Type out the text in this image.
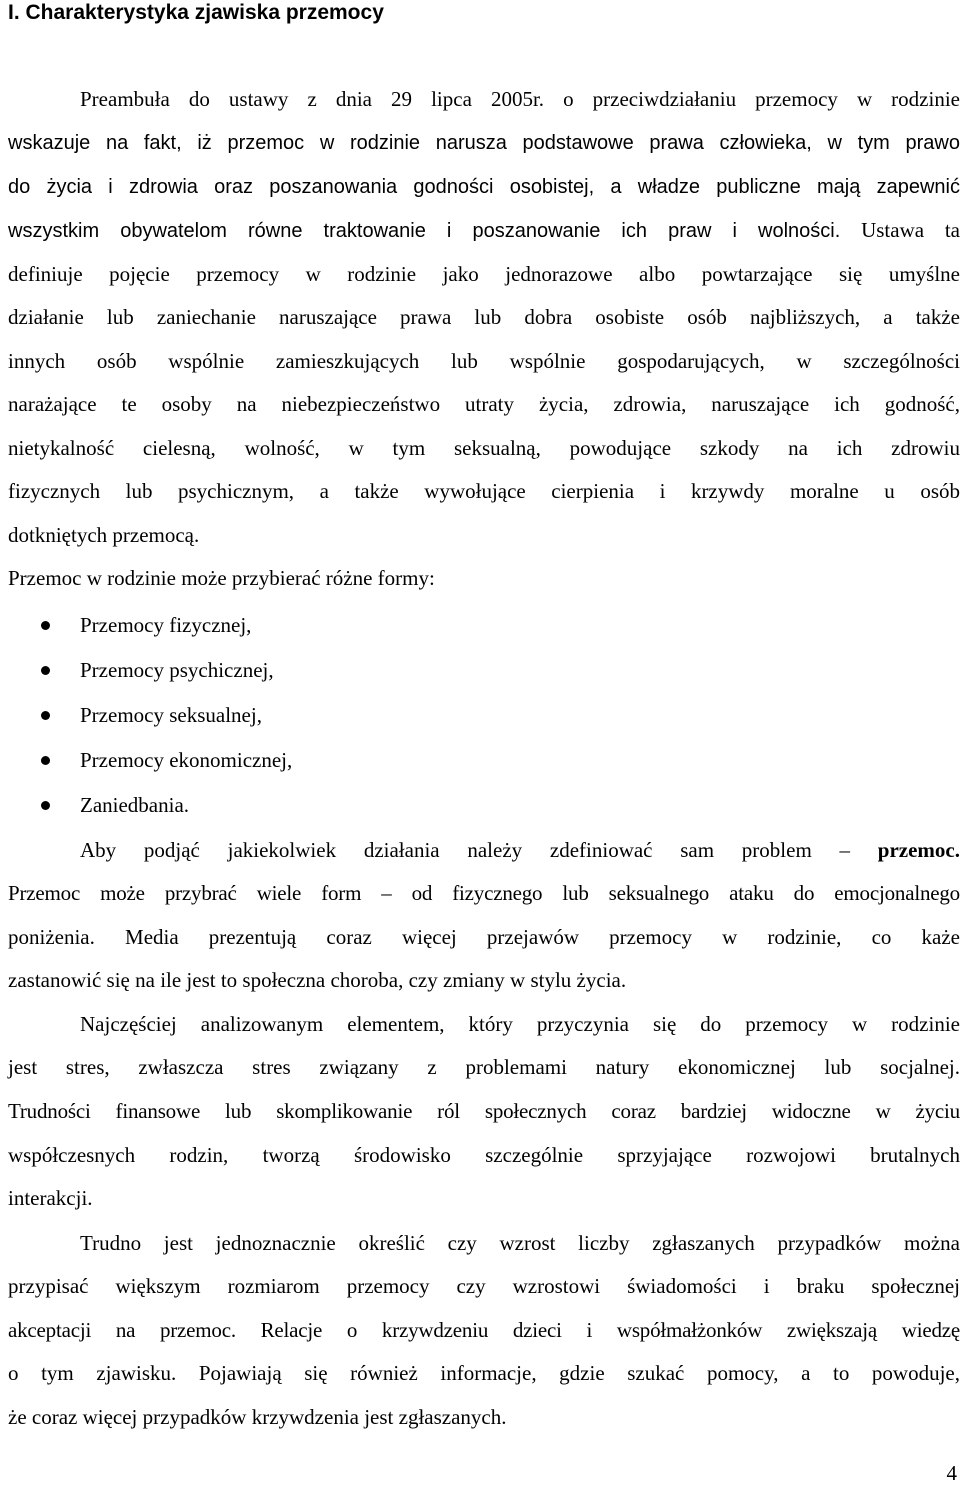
I. Charakterystyka zjawiska przemocy

Preambuła do ustawy z dnia 29 lipca 2005r. o przeciwdziałaniu przemocy w rodzinie

wskazuje na fakt, iż przemoc w rodzinie narusza podstawowe prawa człowieka, w tym prawo

do życia i zdrowia oraz poszanowania godności osobistej, a władze publiczne mają zapewnić

wszystkim obywatelom równe traktowanie i poszanowanie ich praw i wolności. Ustawa ta

definiuje pojęcie przemocy w rodzinie jako jednorazowe albo powtarzające się umyślne

działanie lub zaniechanie naruszające prawa lub dobra osobiste osób najbliższych, a także

innych osób wspólnie zamieszkujących lub wspólnie gospodarujących, w szczególności

narażające te osoby na niebezpieczeństwo utraty życia, zdrowia, naruszające ich godność,

nietykalność cielesną, wolność, w tym seksualną, powodujące szkody na ich zdrowiu

fizycznych lub psychicznym, a także wywołujące cierpienia i krzywdy moralne u osób

dotkniętych przemocą.

Przemoc w rodzinie może przybierać różne formy:

Przemocy fizycznej,
Przemocy psychicznej,
Przemocy seksualnej,
Przemocy ekonomicznej,
Zaniedbania.

Aby podjąć jakiekolwiek działania należy zdefiniować sam problem – przemoc.

Przemoc może przybrać wiele form – od fizycznego lub seksualnego ataku do emocjonalnego

poniżenia. Media prezentują coraz więcej przejawów przemocy w rodzinie, co każe

zastanowić się na ile jest to społeczna choroba, czy zmiany w stylu życia.

Najczęściej analizowanym elementem, który przyczynia się do przemocy w rodzinie

jest stres, zwłaszcza stres związany z problemami natury ekonomicznej lub socjalnej.

Trudności finansowe lub skomplikowanie ról społecznych coraz bardziej widoczne w życiu

współczesnych rodzin, tworzą środowisko szczególnie sprzyjające rozwojowi brutalnych

interakcji.

Trudno jest jednoznacznie określić czy wzrost liczby zgłaszanych przypadków można

przypisać większym rozmiarom przemocy czy wzrostowi świadomości i braku społecznej

akceptacji na przemoc. Relacje o krzywdzeniu dzieci i współmałżonków zwiększają wiedzę

o tym zjawisku. Pojawiają się również informacje, gdzie szukać pomocy, a to powoduje,

że coraz więcej przypadków krzywdzenia jest zgłaszanych.

4
